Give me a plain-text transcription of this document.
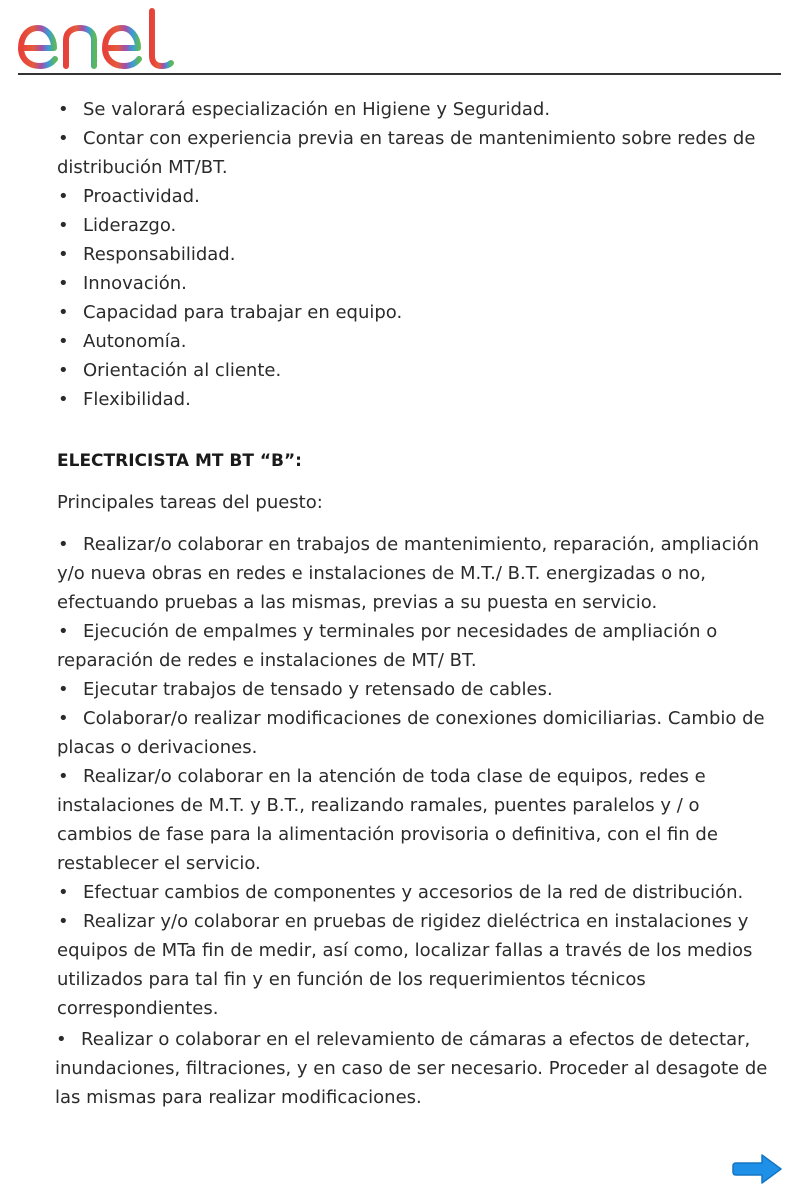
• Se valorará especialización en Higiene y Seguridad.
• Contar con experiencia previa en tareas de mantenimiento sobre redes de distribución MT/BT.
• Proactividad.
• Liderazgo.
• Responsabilidad.
• Innovación.
• Capacidad para trabajar en equipo.
• Autonomía.
• Orientación al cliente.
• Flexibilidad.
ELECTRICISTA MT BT “B”:

Principales tareas del puesto:

• Realizar/o colaborar en trabajos de mantenimiento, reparación, ampliación y/o nueva obras en redes e instalaciones de M.T./ B.T. energizadas o no, efectuando pruebas a las mismas, previas a su puesta en servicio.
• Ejecución de empalmes y terminales por necesidades de ampliación o reparación de redes e instalaciones de MT/ BT.
• Ejecutar trabajos de tensado y retensado de cables.
• Colaborar/o realizar modificaciones de conexiones domiciliarias. Cambio de placas o derivaciones.
• Realizar/o colaborar en la atención de toda clase de equipos, redes e instalaciones de M.T. y B.T., realizando ramales, puentes paralelos y / o cambios de fase para la alimentación provisoria o definitiva, con el fin de restablecer el servicio.
• Efectuar cambios de componentes y accesorios de la red de distribución.
• Realizar y/o colaborar en pruebas de rigidez dieléctrica en instalaciones y equipos de MTa fin de medir, así como, localizar fallas a través de los medios utilizados para tal fin y en función de los requerimientos técnicos correspondientes.
• Realizar o colaborar en el relevamiento de cámaras a efectos de detectar, inundaciones, filtraciones, y en caso de ser necesario. Proceder al desagote de las mismas para realizar modificaciones.
